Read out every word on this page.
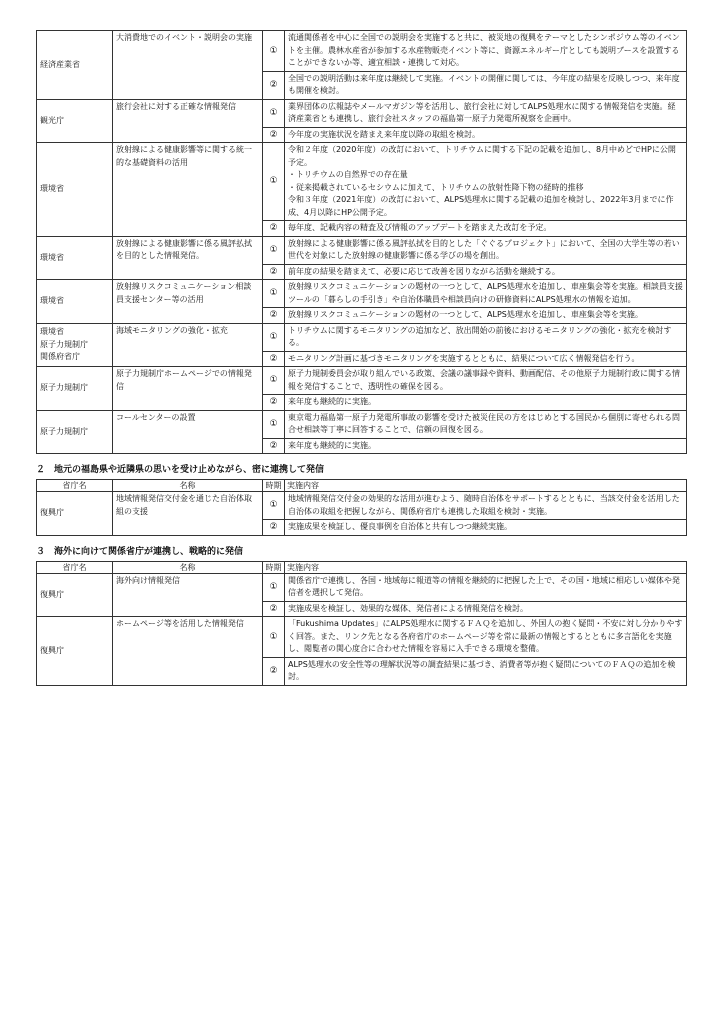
経済産業省	大消費地でのイベント・説明会の実施	①	流通関係者を中心に全国での説明会を実施すると共に、被災地の復興をテーマとしたシンポジウム等のイベントを主催。農林水産省が参加する水産物販売イベント等に、資源エネルギー庁としても説明ブースを設置することができないか等、適宜相談・連携して対応。
		②	全国での説明活動は来年度は継続して実施。イベントの開催に関しては、今年度の結果を反映しつつ、来年度も開催を検討。

観光庁	旅行会社に対する正確な情報発信	①	業界団体の広報誌やメールマガジン等を活用し、旅行会社に対してALPS処理水に関する情報発信を実施。経済産業省とも連携し、旅行会社スタッフの福島第一原子力発電所視察を企画中。
		②	今年度の実施状況を踏まえ来年度以降の取組を検討。

環境省	放射線による健康影響等に関する統一的な基礎資料の活用	①	令和２年度（2020年度）の改訂において、トリチウムに関する下記の記載を追加し、8月中めどでHPに公開予定。
・トリチウムの自然界での存在量
・従来掲載されているセシウムに加えて、トリチウムの放射性降下物の経時的推移
令和３年度（2021年度）の改訂において、ALPS処理水に関する記載の追加を検討し、2022年3月までに作成、4月以降にHP公開予定。

		②	毎年度、記載内容の精査及び情報のアップデートを踏まえた改訂を予定。

環境省	放射線による健康影響に係る風評払拭を目的とした情報発信。	①	放射線による健康影響に係る風評払拭を目的とした「ぐぐるプロジェクト」において、全国の大学生等の若い世代を対象にした放射線の健康影響に係る学びの場を創出。
		②	前年度の結果を踏まえて、必要に応じて改善を図りながら活動を継続する。

環境省	放射線リスクコミュニケーション相談員支援センター等の活用	①	放射線リスクコミュニケーションの題材の一つとして、ALPS処理水を追加し、車座集会等を実施。相談員支援ツールの「暮らしの手引き」や自治体職員や相談員向けの研修資料にALPS処理水の情報を追加。
		②	放射線リスクコミュニケーションの題材の一つとして、ALPS処理水を追加し、車座集会等を実施。

環境省
原子力規制庁
関係府省庁	海域モニタリングの強化・拡充	①	トリチウムに関するモニタリングの追加など、放出開始の前後におけるモニタリングの強化・拡充を検討する。
		②	モニタリング計画に基づきモニタリングを実施するとともに、結果について広く情報発信を行う。

原子力規制庁	原子力規制庁ホームページでの情報発信	①	原子力規制委員会が取り組んでいる政策、会議の議事録や資料、動画配信、その他原子力規制行政に関する情報を発信することで、透明性の確保を図る。
		②	来年度も継続的に実施。

原子力規制庁	コールセンターの設置	①	東京電力福島第一原子力発電所事故の影響を受けた被災住民の方をはじめとする国民から個別に寄せられる問合せ相談等丁寧に回答することで、信頼の回復を図る。
		②	来年度も継続的に実施。
２　地元の福島県や近隣県の思いを受け止めながら、密に連携して発信
省庁名	名称	時期	実施内容

復興庁	地域情報発信交付金を通じた自治体取組の支援	①	地域情報発信交付金の効果的な活用が進むよう、随時自治体をサポートするとともに、当該交付金を活用した自治体の取組を把握しながら、関係府省庁も連携した取組を検討・実施。
		②	実施成果を検証し、優良事例を自治体と共有しつつ継続実施。
３　海外に向けて関係省庁が連携し、戦略的に発信
省庁名	名称	時期	実施内容

復興庁	海外向け情報発信	①	関係省庁で連携し、各国・地域毎に報道等の情報を継続的に把握した上で、その国・地域に相応しい媒体や発信者を選択して発信。
		②	実施成果を検証し、効果的な媒体、発信者による情報発信を検討。

復興庁	ホームページ等を活用した情報発信	①	「Fukushima Updates」にALPS処理水に関するＦＡＱを追加し、外国人の抱く疑問・不安に対し分かりやすく回答。また、リンク先となる各府省庁のホームページ等を常に最新の情報とするとともに多言語化を実施し、閲覧者の関心度合に合わせた情報を容易に入手できる環境を整備。
		②	ALPS処理水の安全性等の理解状況等の調査結果に基づき、消費者等が抱く疑問についてのＦＡＱの追加を検討。
